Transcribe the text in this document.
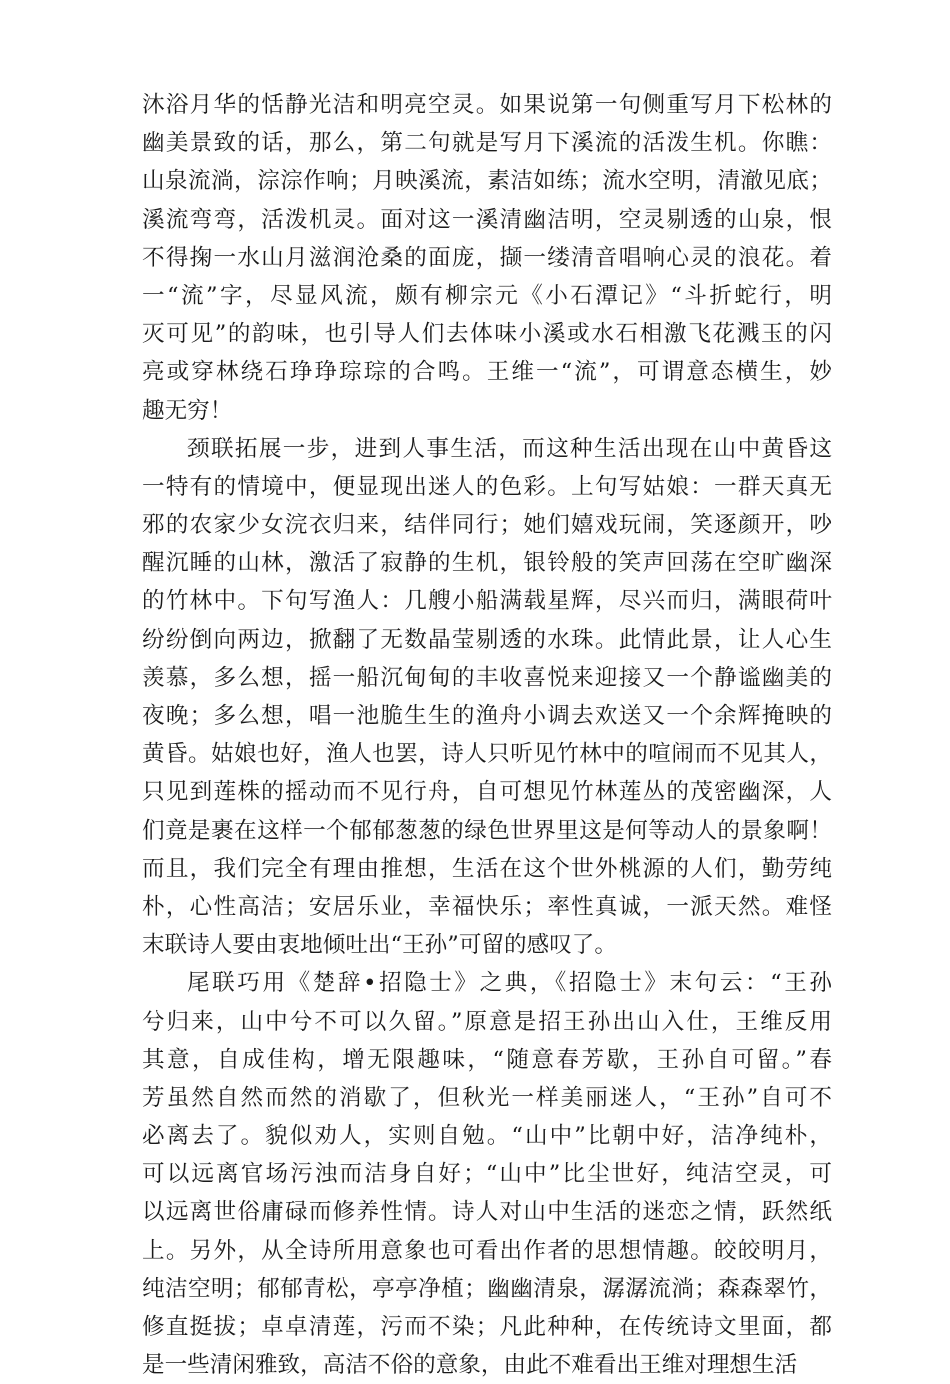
沐浴月华的恬静光洁和明亮空灵。如果说第一句侧重写月下松林的
幽美景致的话，那么，第二句就是写月下溪流的活泼生机。你瞧：
山泉流淌，淙淙作响；月映溪流，素洁如练；流水空明，清澈见底；
溪流弯弯，活泼机灵。面对这一溪清幽洁明，空灵剔透的山泉，恨
不得掬一水山月滋润沧桑的面庞，撷一缕清音唱响心灵的浪花。着
一“流”字，尽显风流，颇有柳宗元《小石潭记》“斗折蛇行，明
灭可见”的韵味，也引导人们去体味小溪或水石相激飞花溅玉的闪
亮或穿林绕石琤琤琮琮的合鸣。王维一“流”，可谓意态横生，妙
趣无穷！
颈联拓展一步，进到人事生活，而这种生活出现在山中黄昏这
一特有的情境中，便显现出迷人的色彩。上句写姑娘：一群天真无
邪的农家少女浣衣归来，结伴同行；她们嬉戏玩闹，笑逐颜开，吵
醒沉睡的山林，激活了寂静的生机，银铃般的笑声回荡在空旷幽深
的竹林中。下句写渔人：几艘小船满载星辉，尽兴而归，满眼荷叶
纷纷倒向两边，掀翻了无数晶莹剔透的水珠。此情此景，让人心生
羡慕，多么想，摇一船沉甸甸的丰收喜悦来迎接又一个静谧幽美的
夜晚；多么想，唱一池脆生生的渔舟小调去欢送又一个余辉掩映的
黄昏。姑娘也好，渔人也罢，诗人只听见竹林中的喧闹而不见其人，
只见到莲株的摇动而不见行舟，自可想见竹林莲丛的茂密幽深，人
们竟是裹在这样一个郁郁葱葱的绿色世界里这是何等动人的景象啊！
而且，我们完全有理由推想，生活在这个世外桃源的人们，勤劳纯
朴，心性高洁；安居乐业，幸福快乐；率性真诚，一派天然。难怪
末联诗人要由衷地倾吐出“王孙”可留的感叹了。
尾联巧用《楚辞•招隐士》之典，《招隐士》末句云：“王孙
兮归来，山中兮不可以久留。”原意是招王孙出山入仕，王维反用
其意，自成佳构，增无限趣味，“随意春芳歇，王孙自可留。”春
芳虽然自然而然的消歇了，但秋光一样美丽迷人，“王孙”自可不
必离去了。貌似劝人，实则自勉。“山中”比朝中好，洁净纯朴，
可以远离官场污浊而洁身自好；“山中”比尘世好，纯洁空灵，可
以远离世俗庸碌而修养性情。诗人对山中生活的迷恋之情，跃然纸
上。另外，从全诗所用意象也可看出作者的思想情趣。皎皎明月，
纯洁空明；郁郁青松，亭亭净植；幽幽清泉，潺潺流淌；森森翠竹，
修直挺拔；卓卓清莲，污而不染；凡此种种，在传统诗文里面，都
是一些清闲雅致，高洁不俗的意象，由此不难看出王维对理想生活
